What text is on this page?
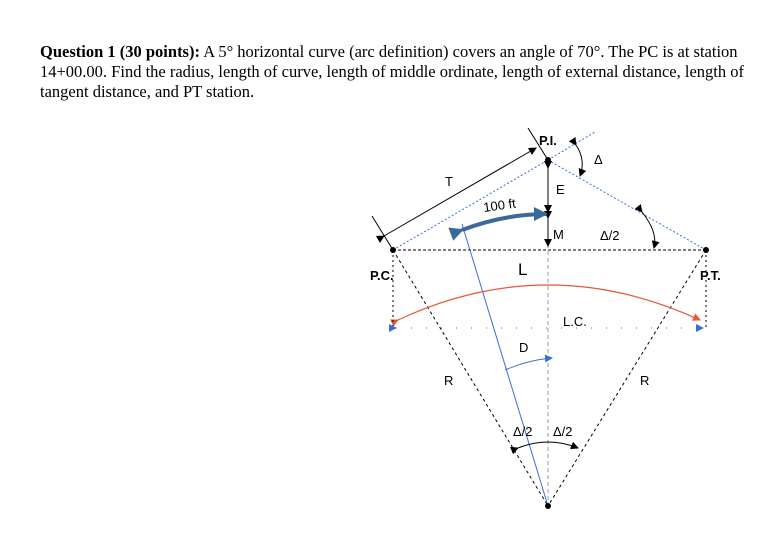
Question 1 (30 points): A 5° horizontal curve (arc definition) covers an angle of 70°. The PC is at station 14+00.00. Find the radius, length of curve, length of middle ordinate, length of external distance, length of tangent distance, and PT station.

P.I.
Δ
T
E
100 ft
M	Δ/2
P.C.	P.T.
L
L.C.
D
R	R
Δ/2 Δ/2
